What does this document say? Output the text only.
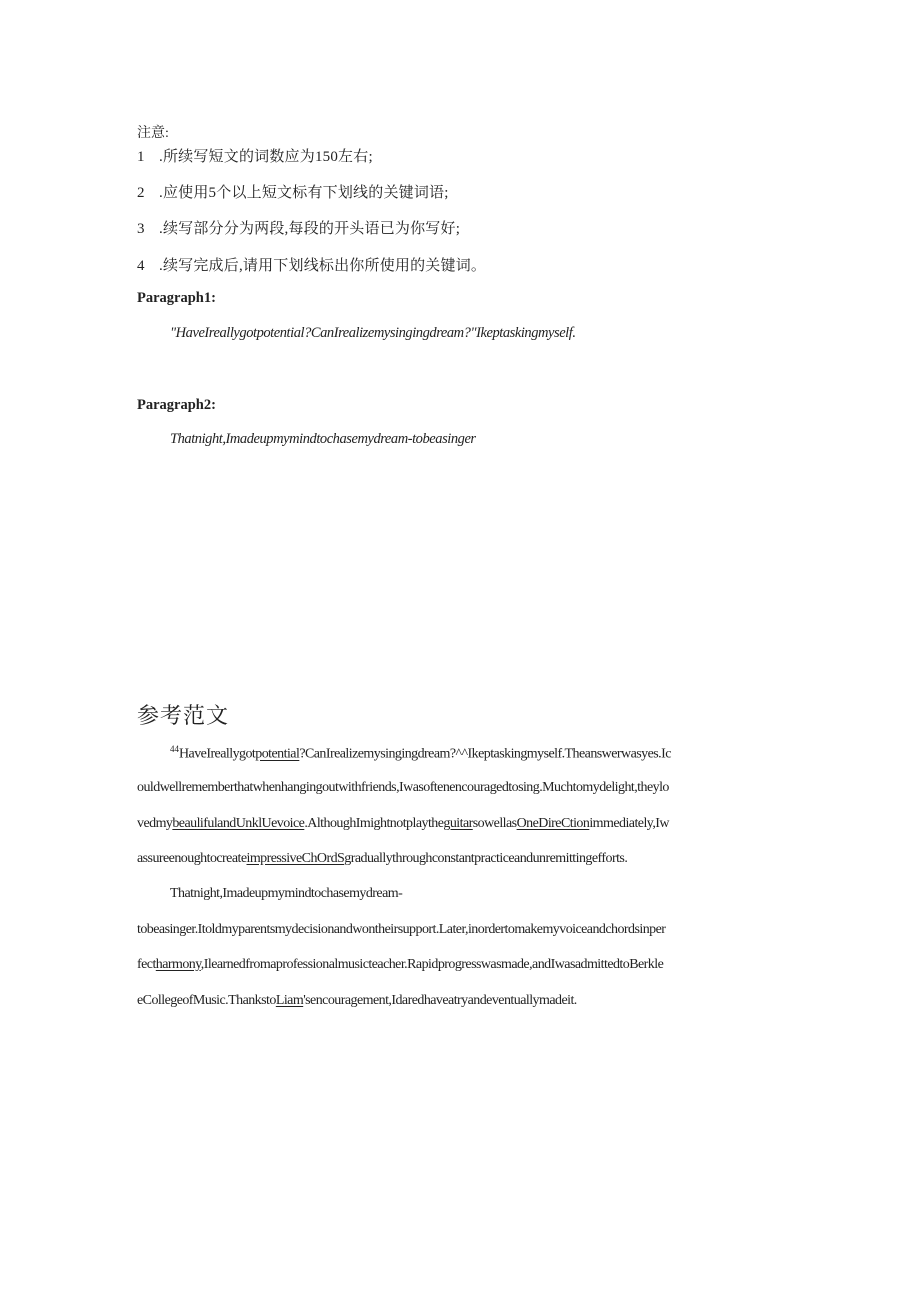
注意:
1 .所续写短文的词数应为150左右;
2 .应使用5个以上短文标有下划线的关键词语;
3 .续写部分分为两段,每段的开头语已为你写好;
4 .续写完成后,请用下划线标出你所使用的关键词。
Paragraph1:
"HaveIreallygotpotential?CanIrealizemysingingdream?"Ikeptaskingmyself.
Paragraph2:
Thatnight,Imadeupmymindtochasemydream-tobeasinger
参考范文
$^{44}$HaveIreallygotpotential?CanIrealizemysingingdream?^^Ikeptaskingmyself.Theanswerwasyes.Ic
ouldwellrememberthatwhenhangingoutwithfriends,Iwasoftenencouragedtosing.Muchtomydelight,theylo
vedmybeaulifulandUnklUevoice.AlthoughImightnotplaytheguitarsowellasOneDireCtionimmediately,Iw
assureenoughtocreateimpressiveChOrdSgraduallythroughconstantpracticeandunremittingefforts.
Thatnight,Imadeupmymindtochasemydream-
tobeasinger.Itoldmyparentsmydecisionandwontheirsupport.Later,inordertomakemyvoiceandchordsinper
fectharmony,Ilearnedfromaprofessionalmusicteacher.Rapidprogresswasmade,andIwasadmittedtoBerkle
eCollegeofMusic.ThankstoLiam'sencouragement,Idaredhaveatryandeventuallymadeit.
